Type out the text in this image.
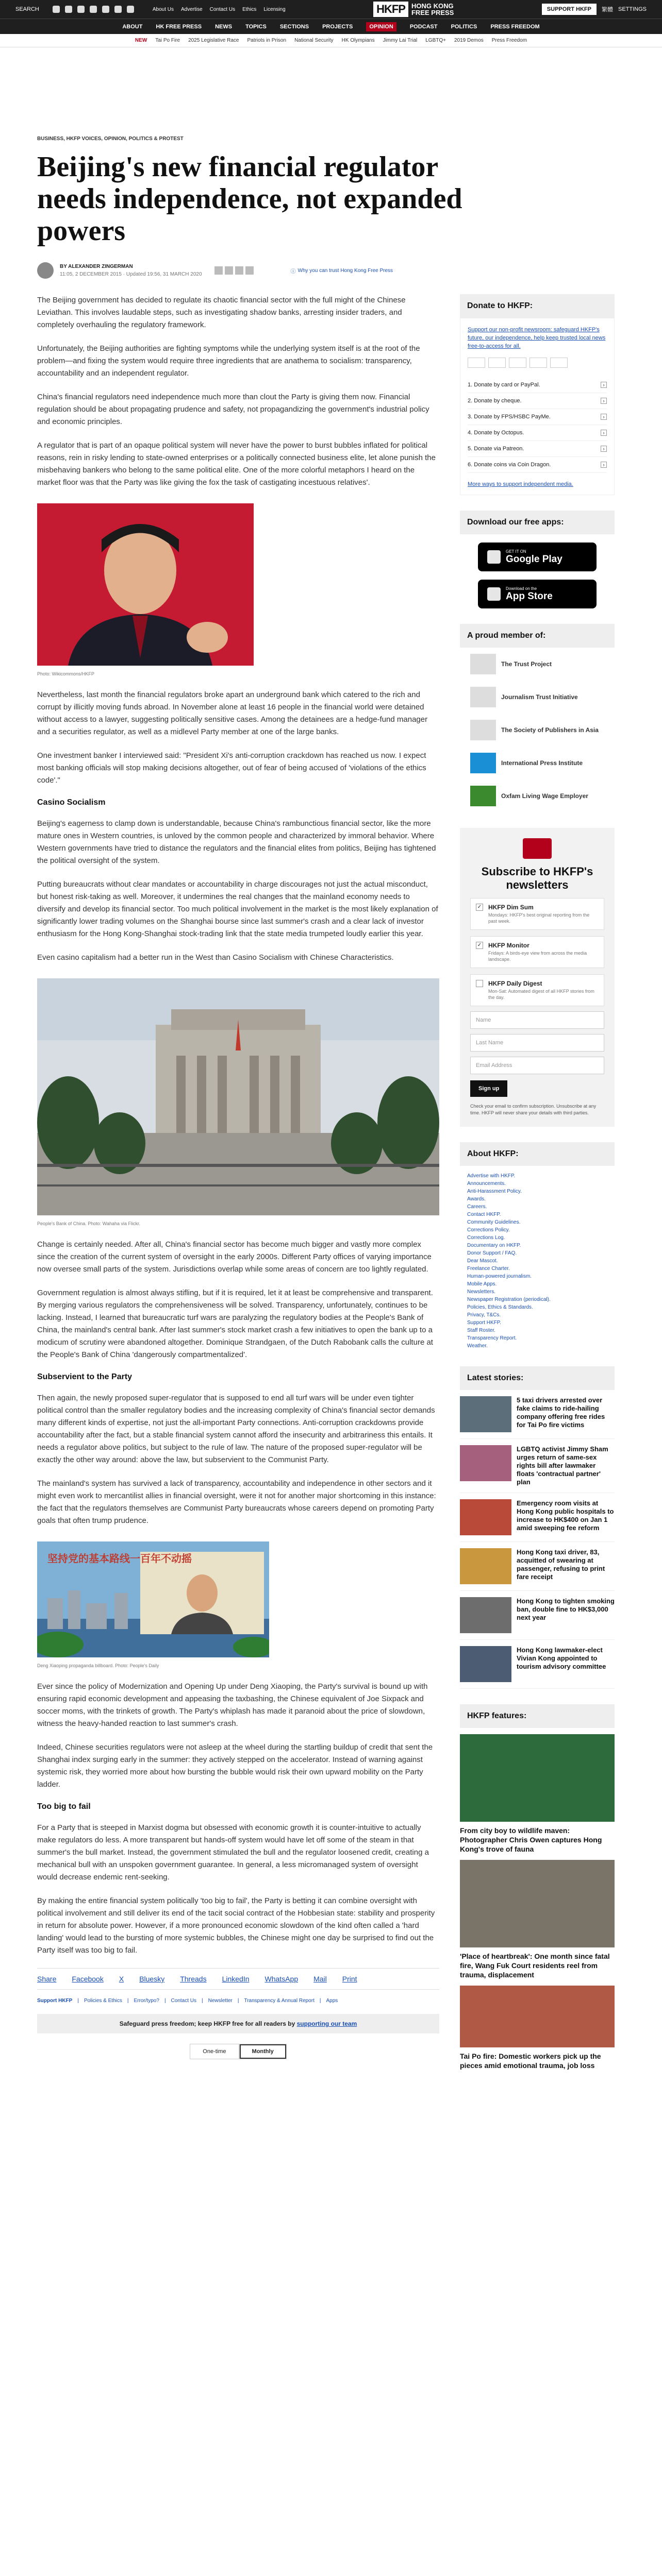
SEARCH	About Us Advertise Contact Us Ethics Licensing	HKFP HONG KONG
FREE PRESS	SUPPORT HKFP	繁體 SETTINGS
ABOUT HK FREE PRESS NEWS TOPICS SECTIONS PROJECTS	OPINION	PODCAST POLITICS PRESS FREEDOM
NEW Tai Po Fire 2025 Legislative Race Patriots in Prison National Security HK Olympians Jimmy Lai Trial LGBTQ+ 2019 Demos Press Freedom
BUSINESS, HKFP VOICES, OPINION, POLITICS & PROTEST
Beijing's new financial regulator needs independence, not expanded powers
BY ALEXANDER ZINGERMAN
11:05, 2 DECEMBER 2015 · Updated 19:56, 31 MARCH 2020	ⓘ Why you can trust Hong Kong Free Press

The Beijing government has decided to regulate its chaotic financial sector with the full might of the Chinese Leviathan. This involves laudable steps, such as investigating shadow banks, arresting insider traders, and completely overhauling the regulatory framework.

Unfortunately, the Beijing authorities are fighting symptoms while the underlying system itself is at the root of the problem—and fixing the system would require three ingredients that are anathema to socialism: transparency, accountability and an independent regulator.

China's financial regulators need independence much more than clout the Party is giving them now. Financial regulation should be about propagating prudence and safety, not propagandizing the government's industrial policy and economic principles.

A regulator that is part of an opaque political system will never have the power to burst bubbles inflated for political reasons, rein in risky lending to state-owned enterprises or a politically connected business elite, let alone punish the misbehaving bankers who belong to the same political elite. One of the more colorful metaphors I heard on the market floor was that the Party was like giving the fox the task of castigating incestuous relatives'.

Photo: Wikicommons/HKFP

Nevertheless, last month the financial regulators broke apart an underground bank which catered to the rich and corrupt by illicitly moving funds abroad. In November alone at least 16 people in the financial world were detained without access to a lawyer, suggesting politically sensitive cases. Among the detainees are a hedge-fund manager and a securities regulator, as well as a midlevel Party member at one of the large banks.

One investment banker I interviewed said: "President Xi's anti-corruption crackdown has reached us now. I expect most banking officials will stop making decisions altogether, out of fear of being accused of 'violations of the ethics code'."

Casino Socialism

Beijing's eagerness to clamp down is understandable, because China's rambunctious financial sector, like the more mature ones in Western countries, is unloved by the common people and characterized by immoral behavior. Where Western governments have tried to distance the regulators and the financial elites from politics, Beijing has tightened the political oversight of the system.

Putting bureaucrats without clear mandates or accountability in charge discourages not just the actual misconduct, but honest risk-taking as well. Moreover, it undermines the real changes that the mainland economy needs to diversify and develop its financial sector. Too much political involvement in the market is the most likely explanation of significantly lower trading volumes on the Shanghai bourse since last summer's crash and a clear lack of investor enthusiasm for the Hong Kong-Shanghai stock-trading link that the state media trumpeted loudly earlier this year.

Even casino capitalism had a better run in the West than Casino Socialism with Chinese Characteristics.

People's Bank of China. Photo: Wahaha via Flickr.

Change is certainly needed. After all, China's financial sector has become much bigger and vastly more complex since the creation of the current system of oversight in the early 2000s. Different Party offices of varying importance now oversee small parts of the system. Jurisdictions overlap while some areas of concern are too lightly regulated.

Government regulation is almost always stifling, but if it is required, let it at least be comprehensive and transparent. By merging various regulators the comprehensiveness will be solved. Transparency, unfortunately, continues to be lacking. Instead, I learned that bureaucratic turf wars are paralyzing the regulatory bodies at the People's Bank of China, the mainland's central bank. After last summer's stock market crash a few initiatives to open the bank up to a modicum of scrutiny were abandoned altogether. Dominique Strandgaen, of the Dutch Rabobank calls the culture at the People's Bank of China 'dangerously compartmentalized'.

Subservient to the Party

Then again, the newly proposed super-regulator that is supposed to end all turf wars will be under even tighter political control than the smaller regulatory bodies and the increasing complexity of China's financial sector demands many different kinds of expertise, not just the all-important Party connections. Anti-corruption crackdowns provide accountability after the fact, but a stable financial system cannot afford the insecurity and arbitrariness this entails. It needs a regulator above politics, but subject to the rule of law. The nature of the proposed super-regulator will be exactly the other way around: above the law, but subservient to the Communist Party.

The mainland's system has survived a lack of transparency, accountability and independence in other sectors and it might even work to mercantilist allies in financial oversight, were it not for another major shortcoming in this instance: the fact that the regulators themselves are Communist Party bureaucrats whose careers depend on promoting Party goals that often trump prudence.

坚持党的基本路线一百年不动摇
Deng Xiaoping propaganda billboard. Photo: People's Daily

Ever since the policy of Modernization and Opening Up under Deng Xiaoping, the Party's survival is bound up with ensuring rapid economic development and appeasing the taxbashing, the Chinese equivalent of Joe Sixpack and soccer moms, with the trinkets of growth. The Party's whiplash has made it paranoid about the price of slowdown, witness the heavy-handed reaction to last summer's crash.

Indeed, Chinese securities regulators were not asleep at the wheel during the startling buildup of credit that sent the Shanghai index surging early in the summer: they actively stepped on the accelerator. Instead of warning against systemic risk, they worried more about how bursting the bubble would risk their own upward mobility on the Party ladder.

Too big to fail

For a Party that is steeped in Marxist dogma but obsessed with economic growth it is counter-intuitive to actually make regulators do less. A more transparent but hands-off system would have let off some of the steam in that summer's the bull market. Instead, the government stimulated the bull and the regulator loosened credit, creating a mechanical bull with an unspoken government guarantee. In general, a less micromanaged system of oversight would decrease endemic rent-seeking.

By making the entire financial system politically 'too big to fail', the Party is betting it can combine oversight with political involvement and still deliver its end of the tacit social contract of the Hobbesian state: stability and prosperity in return for absolute power. However, if a more pronounced economic slowdown of the kind often called a 'hard landing' would lead to the bursting of more systemic bubbles, the Chinese might one day be surprised to find out the Party itself was too big to fail.

Share Facebook X Bluesky Threads LinkedIn WhatsApp Mail Print
Support HKFP | Policies & Ethics | Error/typo? | Contact Us | Newsletter | Transparency & Annual Report | Apps
Safeguard press freedom; keep HKFP free for all readers by supporting our team
One-time	Monthly
Donate to HKFP:
Support our non-profit newsroom: safeguard HKFP's future, our independence, help keep trusted local news free-to-access for all.
1. Donate by card or PayPal.	›
2. Donate by cheque.	›
3. Donate by FPS/HSBC PayMe.	›
4. Donate by Octopus.	›
5. Donate via Patreon.	›
6. Donate coins via Coin Dragon.	›
More ways to support independent media.
Download our free apps:
GET IT ON
Google Play
Download on the
App Store
A proud member of:
The Trust Project
Journalism Trust Initiative
The Society of Publishers in Asia
International Press Institute
Oxfam Living Wage Employer
Subscribe to HKFP's newsletters
✓ HKFP Dim Sum
Mondays: HKFP's best original reporting from the past week.
✓ HKFP Monitor
Fridays: A birds-eye view from across the media landscape.
HKFP Daily Digest
Mon-Sat: Automated digest of all HKFP stories from the day.
Name
Last Name
Email Address
Sign up
Check your email to confirm subscription. Unsubscribe at any time. HKFP will never share your details with third parties.
About HKFP:
Advertise with HKFP.
Announcements.
Anti-Harassment Policy.
Awards.
Careers.
Contact HKFP.
Community Guidelines.
Corrections Policy.
Corrections Log.
Documentary on HKFP.
Donor Support / FAQ.
Dear Mascot.
Freelance Charter.
Human-powered journalism.
Mobile Apps.
Newsletters.
Newspaper Registration (periodical).
Policies, Ethics & Standards.
Privacy, T&Cs.
Support HKFP.
Staff Roster.
Transparency Report.
Weather.
Latest stories:
5 taxi drivers arrested over fake claims to ride-hailing company offering free rides for Tai Po fire victims
LGBTQ activist Jimmy Sham urges return of same-sex rights bill after lawmaker floats 'contractual partner' plan
Emergency room visits at Hong Kong public hospitals to increase to HK$400 on Jan 1 amid sweeping fee reform
Hong Kong taxi driver, 83, acquitted of swearing at passenger, refusing to print fare receipt
Hong Kong to tighten smoking ban, double fine to HK$3,000 next year
Hong Kong lawmaker-elect Vivian Kong appointed to tourism advisory committee
HKFP features:
From city boy to wildlife maven: Photographer Chris Owen captures Hong Kong's trove of fauna
'Place of heartbreak': One month since fatal fire, Wang Fuk Court residents reel from trauma, displacement
Tai Po fire: Domestic workers pick up the pieces amid emotional trauma, job loss
